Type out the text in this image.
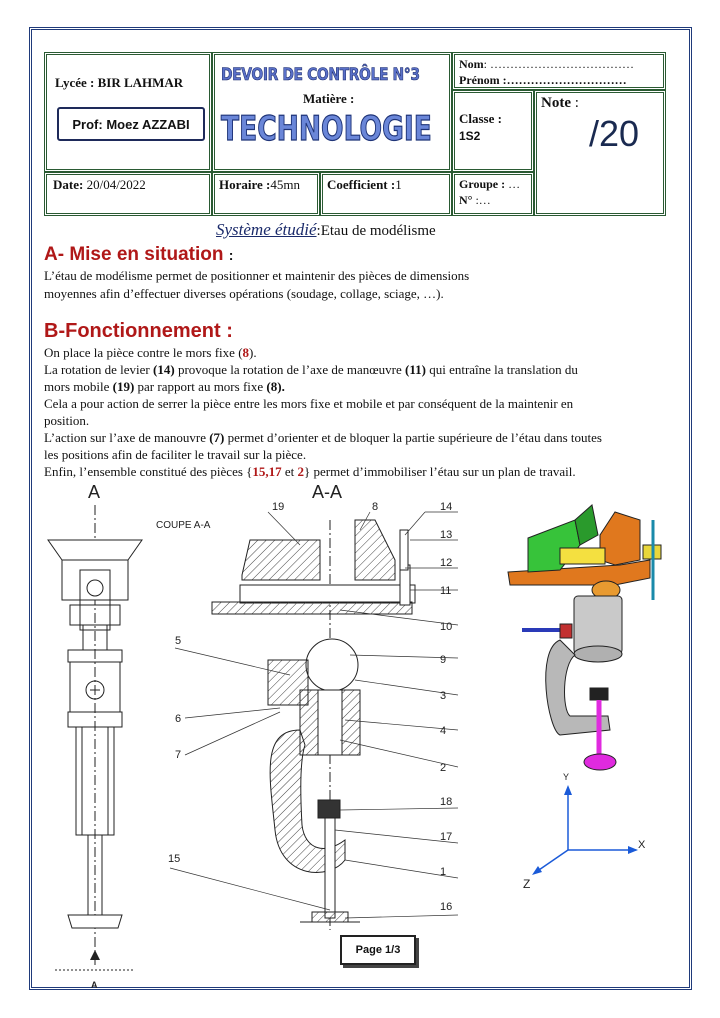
Lycée : BIR LAHMAR
Prof: Moez AZZABI
DEVOIR DE CONTRÔLE N°3
Matière :
TECHNOLOGIE
Nom: ………………………………
Prénom :…………………………
Classe :
1S2
Note :
/20
Date: 20/04/2022	Horaire :45mn Coefficient :1	Groupe : …
N° :…
Système étudié:Etau de modélisme
A- Mise en situation :
L’étau de modélisme permet de positionner et maintenir des pièces de dimensions
moyennes afin d’effectuer diverses opérations (soudage, collage, sciage, …).
B-Fonctionnement :
On place la pièce contre le mors fixe (8).
La rotation de levier (14) provoque la rotation de l’axe de manœuvre (11) qui entraîne la translation du
mors mobile (19) par rapport au mors fixe (8).
Cela a pour action de serrer la pièce entre les mors fixe et mobile et par conséquent de la maintenir en
position.
L’action sur l’axe de manouvre (7) permet d’orienter et de bloquer la partie supérieure de l’étau dans toutes
les positions afin de faciliter le travail sur la pièce.
Enfin, l’ensemble constitué des pièces {15,17 et 2} permet d’immobiliser l’étau sur un plan de travail.
A
A
A-A
COUPE A-A
19	8	14
13
12
11
10
9
3
4
2
18
17
1
16
5
6
7
15
Y
X
Z
Page 1/3
